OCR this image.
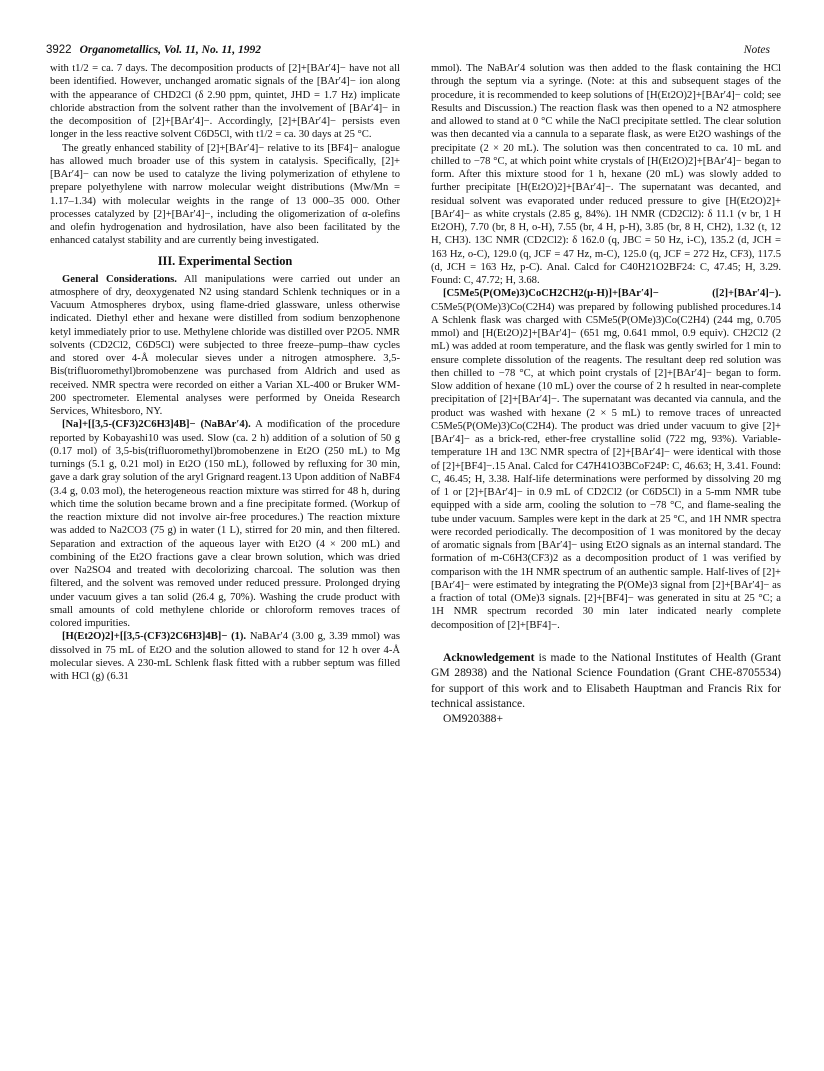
3922 Organometallics, Vol. 11, No. 11, 1992	Notes

with t1/2 = ca. 7 days. The decomposition products of [2]+[BAr′4]− have not all been identified. However, unchanged aromatic signals of the [BAr′4]− ion along with the appearance of CHD2Cl (δ 2.90 ppm, quintet, JHD = 1.7 Hz) implicate chloride abstraction from the solvent rather than the involvement of [BAr′4]− in the decomposition of [2]+[BAr′4]−. Accordingly, [2]+[BAr′4]− persists even longer in the less reactive solvent C6D5Cl, with t1/2 = ca. 30 days at 25 °C.

The greatly enhanced stability of [2]+[BAr′4]− relative to its [BF4]− analogue has allowed much broader use of this system in catalysis. Specifically, [2]+[BAr′4]− can now be used to catalyze the living polymerization of ethylene to prepare polyethylene with narrow molecular weight distributions (Mw/Mn = 1.17–1.34) with molecular weights in the range of 13 000–35 000. Other processes catalyzed by [2]+[BAr′4]−, including the oligomerization of α-olefins and olefin hydrogenation and hydrosilation, have also been facilitated by the enhanced catalyst stability and are currently being investigated.

III. Experimental Section

General Considerations. All manipulations were carried out under an atmosphere of dry, deoxygenated N2 using standard Schlenk techniques or in a Vacuum Atmospheres drybox, using flame-dried glassware, unless otherwise indicated. Diethyl ether and hexane were distilled from sodium benzophenone ketyl immediately prior to use. Methylene chloride was distilled over P2O5. NMR solvents (CD2Cl2, C6D5Cl) were subjected to three freeze–pump–thaw cycles and stored over 4-Å molecular sieves under a nitrogen atmosphere. 3,5-Bis(trifluoromethyl)bromobenzene was purchased from Aldrich and used as received. NMR spectra were recorded on either a Varian XL-400 or Bruker WM-200 spectrometer. Elemental analyses were performed by Oneida Research Services, Whitesboro, NY.

[Na]+[[3,5-(CF3)2C6H3]4B]− (NaBAr′4). A modification of the procedure reported by Kobayashi10 was used. Slow (ca. 2 h) addition of a solution of 50 g (0.17 mol) of 3,5-bis(trifluoromethyl)bromobenzene in Et2O (250 mL) to Mg turnings (5.1 g, 0.21 mol) in Et2O (150 mL), followed by refluxing for 30 min, gave a dark gray solution of the aryl Grignard reagent.13 Upon addition of NaBF4 (3.4 g, 0.03 mol), the heterogeneous reaction mixture was stirred for 48 h, during which time the solution became brown and a fine precipitate formed. (Workup of the reaction mixture did not involve air-free procedures.) The reaction mixture was added to Na2CO3 (75 g) in water (1 L), stirred for 20 min, and then filtered. Separation and extraction of the aqueous layer with Et2O (4 × 200 mL) and combining of the Et2O fractions gave a clear brown solution, which was dried over Na2SO4 and treated with decolorizing charcoal. The solution was then filtered, and the solvent was removed under reduced pressure. Prolonged drying under vacuum gives a tan solid (26.4 g, 70%). Washing the crude product with small amounts of cold methylene chloride or chloroform removes traces of colored impurities.

[H(Et2O)2]+[[3,5-(CF3)2C6H3]4B]− (1). NaBAr′4 (3.00 g, 3.39 mmol) was dissolved in 75 mL of Et2O and the solution allowed to stand for 12 h over 4-Å molecular sieves. A 230-mL Schlenk flask fitted with a rubber septum was filled with HCl (g) (6.31

mmol). The NaBAr′4 solution was then added to the flask containing the HCl through the septum via a syringe. (Note: at this and subsequent stages of the procedure, it is recommended to keep solutions of [H(Et2O)2]+[BAr′4]− cold; see Results and Discussion.) The reaction flask was then opened to a N2 atmosphere and allowed to stand at 0 °C while the NaCl precipitate settled. The clear solution was then decanted via a cannula to a separate flask, as were Et2O washings of the precipitate (2 × 20 mL). The solution was then concentrated to ca. 10 mL and chilled to −78 °C, at which point white crystals of [H(Et2O)2]+[BAr′4]− began to form. After this mixture stood for 1 h, hexane (20 mL) was slowly added to further precipitate [H(Et2O)2]+[BAr′4]−. The supernatant was decanted, and residual solvent was evaporated under reduced pressure to give [H(Et2O)2]+[BAr′4]− as white crystals (2.85 g, 84%). 1H NMR (CD2Cl2): δ 11.1 (v br, 1 H Et2OH), 7.70 (br, 8 H, o-H), 7.55 (br, 4 H, p-H), 3.85 (br, 8 H, CH2), 1.32 (t, 12 H, CH3). 13C NMR (CD2Cl2): δ 162.0 (q, JBC = 50 Hz, i-C), 135.2 (d, JCH = 163 Hz, o-C), 129.0 (q, JCF = 47 Hz, m-C), 125.0 (q, JCF = 272 Hz, CF3), 117.5 (d, JCH = 163 Hz, p-C). Anal. Calcd for C40H21O2BF24: C, 47.45; H, 3.29. Found: C, 47.72; H, 3.68.

[C5Me5(P(OMe)3)CoCH2CH2(μ-H)]+[BAr′4]− ([2]+[BAr′4]−). C5Me5(P(OMe)3)Co(C2H4) was prepared by following published procedures.14 A Schlenk flask was charged with C5Me5(P(OMe)3)Co(C2H4) (244 mg, 0.705 mmol) and [H(Et2O)2]+[BAr′4]− (651 mg, 0.641 mmol, 0.9 equiv). CH2Cl2 (2 mL) was added at room temperature, and the flask was gently swirled for 1 min to ensure complete dissolution of the reagents. The resultant deep red solution was then chilled to −78 °C, at which point crystals of [2]+[BAr′4]− began to form. Slow addition of hexane (10 mL) over the course of 2 h resulted in near-complete precipitation of [2]+[BAr′4]−. The supernatant was decanted via cannula, and the product was washed with hexane (2 × 5 mL) to remove traces of unreacted C5Me5(P(OMe)3)Co(C2H4). The product was dried under vacuum to give [2]+[BAr′4]− as a brick-red, ether-free crystalline solid (722 mg, 93%). Variable-temperature 1H and 13C NMR spectra of [2]+[BAr′4]− were identical with those of [2]+[BF4]−.15 Anal. Calcd for C47H41O3BCoF24P: C, 46.63; H, 3.41. Found: C, 46.45; H, 3.38. Half-life determinations were performed by dissolving 20 mg of 1 or [2]+[BAr′4]− in 0.9 mL of CD2Cl2 (or C6D5Cl) in a 5-mm NMR tube equipped with a side arm, cooling the solution to −78 °C, and flame-sealing the tube under vacuum. Samples were kept in the dark at 25 °C, and 1H NMR spectra were recorded periodically. The decomposition of 1 was monitored by the decay of aromatic signals from [BAr′4]− using Et2O signals as an internal standard. The formation of m-C6H3(CF3)2 as a decomposition product of 1 was verified by comparison with the 1H NMR spectrum of an authentic sample. Half-lives of [2]+[BAr′4]− were estimated by integrating the P(OMe)3 signal from [2]+[BAr′4]− as a fraction of total (OMe)3 signals. [2]+[BF4]− was generated in situ at 25 °C; a 1H NMR spectrum recorded 30 min later indicated nearly complete decomposition of [2]+[BF4]−.

Acknowledgement is made to the National Institutes of Health (Grant GM 28938) and the National Science Foundation (Grant CHE-8705534) for support of this work and to Elisabeth Hauptman and Francis Rix for technical assistance.

OM920388+
